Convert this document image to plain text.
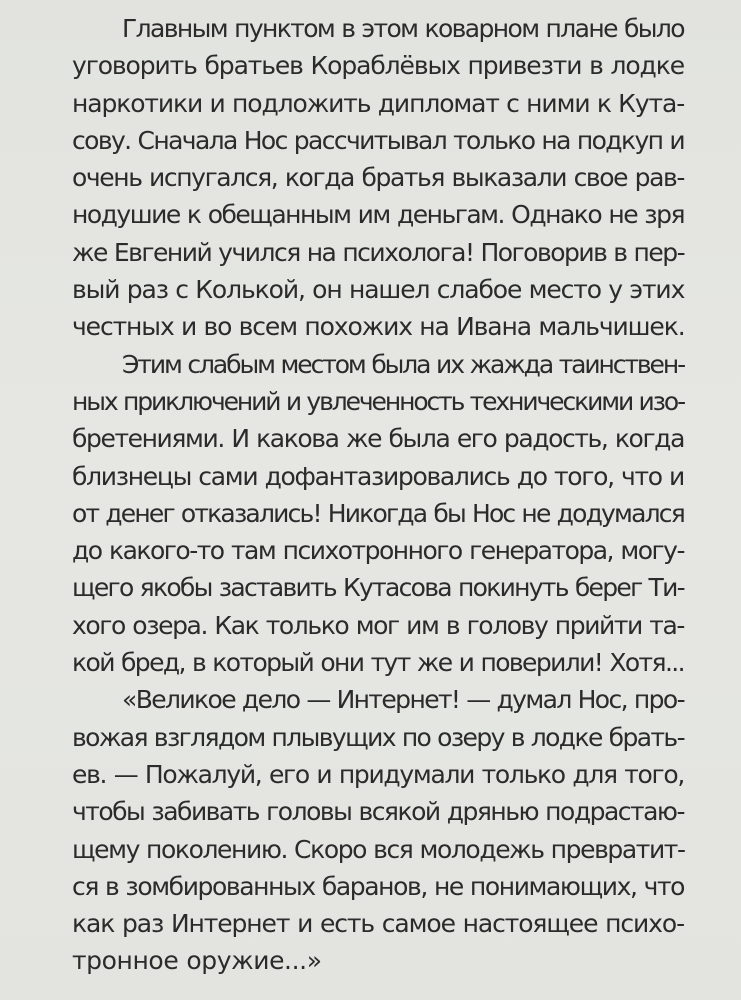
Главным пунктом в этом коварном плане было
уговорить братьев Кораблёвых привезти в лодке
наркотики и подложить дипломат с ними к Кута-
сову. Сначала Нос рассчитывал только на подкуп и
очень испугался, когда братья выказали свое рав-
нодушие к обещанным им деньгам. Однако не зря
же Евгений учился на психолога! Поговорив в пер-
вый раз с Колькой, он нашел слабое место у этих
честных и во всем похожих на Ивана мальчишек.
Этим слабым местом была их жажда таинствен-
ных приключений и увлеченность техническими изо-
бретениями. И какова же была его радость, когда
близнецы сами дофантазировались до того, что и
от денег отказались! Никогда бы Нос не додумался
до какого-то там психотронного генератора, могу-
щего якобы заставить Кутасова покинуть берег Ти-
хого озера. Как только мог им в голову прийти та-
кой бред, в который они тут же и поверили! Хотя...
«Великое дело — Интернет! — думал Нос, про-
вожая взглядом плывущих по озеру в лодке брать-
ев. — Пожалуй, его и придумали только для того,
чтобы забивать головы всякой дрянью подрастаю-
щему поколению. Скоро вся молодежь превратит-
ся в зомбированных баранов, не понимающих, что
как раз Интернет и есть самое настоящее психо-
тронное оружие...»
